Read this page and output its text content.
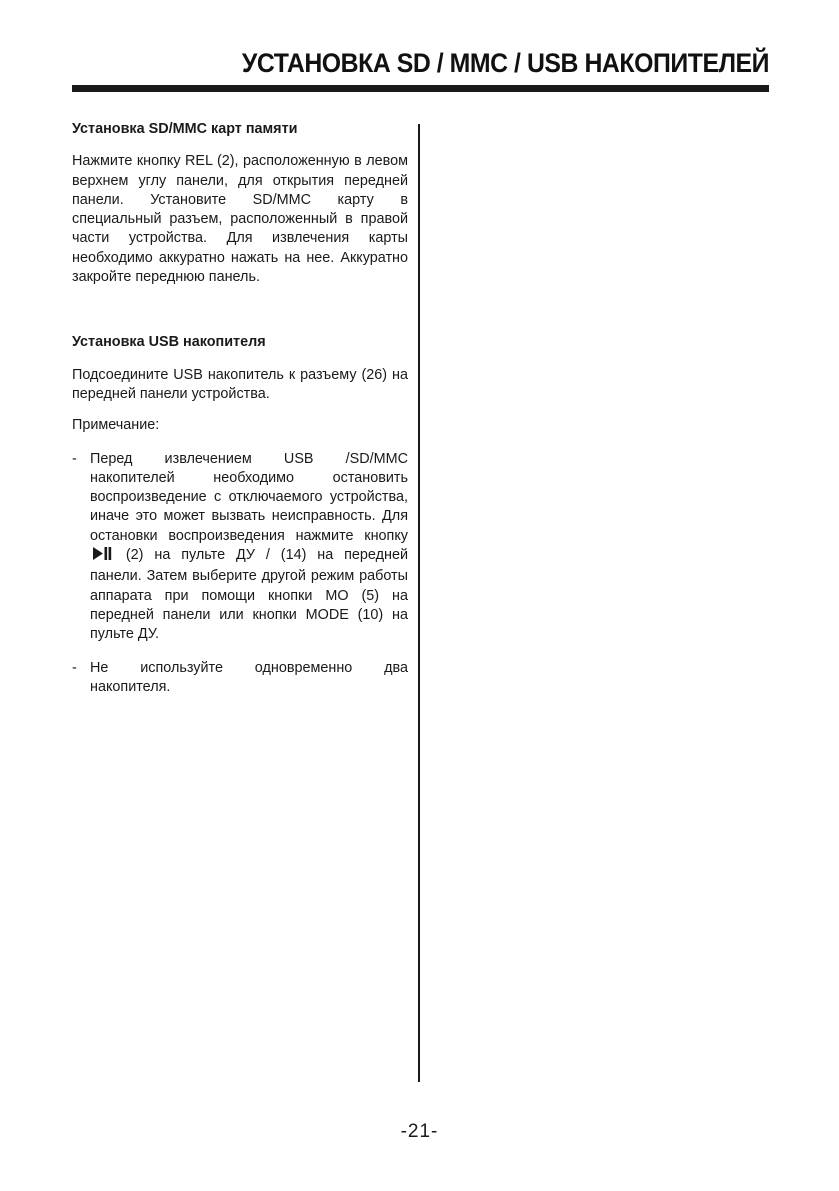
УСТАНОВКА SD / MMC / USB НАКОПИТЕЛЕЙ
Установка SD/MMC карт памяти

Нажмите кнопку REL (2), расположенную в левом верхнем углу панели, для открытия передней панели. Установите SD/MMC карту в специальный разъем, расположенный в правой части устройства. Для извлечения карты необходимо аккуратно нажать на нее. Аккуратно закройте переднюю панель.

Установка USB накопителя

Подсоедините USB накопитель к разъему (26) на передней панели устройства.

Примечание:

- Перед извлечением USB /SD/MMC накопителей необходимо остановить воспроизведение с отключаемого устройства, иначе это может вызвать неисправность. Для остановки воспроизведения нажмите кнопку  (2) на пульте ДУ / (14) на передней панели. Затем выберите другой режим работы аппарата при помощи кнопки MO (5) на передней панели или кнопки MODE (10) на пульте ДУ.

- Не используйте одновременно два накопителя.

-21-
